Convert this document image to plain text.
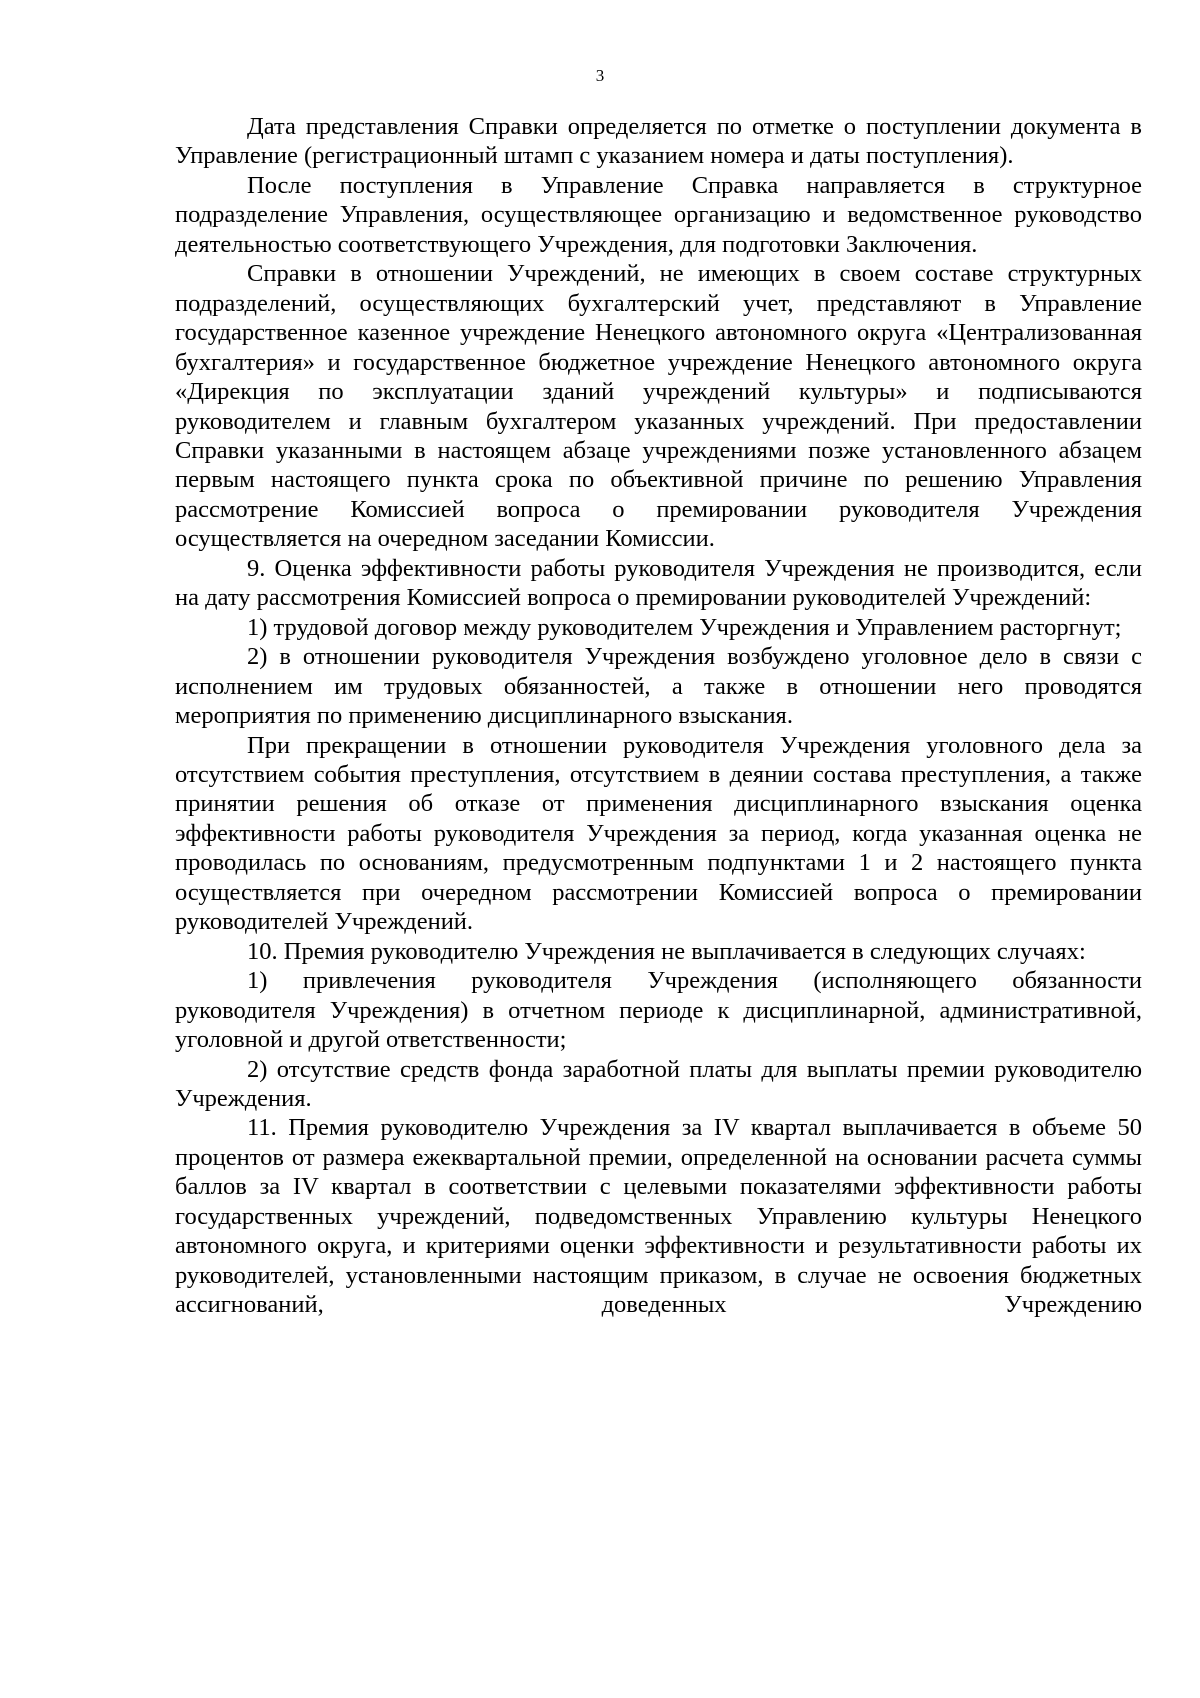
3

Дата представления Справки определяется по отметке о поступлении документа в Управление (регистрационный штамп с указанием номера и даты поступления).

После поступления в Управление Справка направляется в структурное подразделение Управления, осуществляющее организацию и ведомственное руководство деятельностью соответствующего Учреждения, для подготовки Заключения.

Справки в отношении Учреждений, не имеющих в своем составе структурных подразделений, осуществляющих бухгалтерский учет, представляют в Управление государственное казенное учреждение Ненецкого автономного округа «Централизованная бухгалтерия» и государственное бюджетное учреждение Ненецкого автономного округа «Дирекция по эксплуатации зданий учреждений культуры» и подписываются руководителем и главным бухгалтером указанных учреждений. При предоставлении Справки указанными в настоящем абзаце учреждениями позже установленного абзацем первым настоящего пункта срока по объективной причине по решению Управления рассмотрение Комиссией вопроса о премировании руководителя Учреждения осуществляется на очередном заседании Комиссии.

9. Оценка эффективности работы руководителя Учреждения не производится, если на дату рассмотрения Комиссией вопроса о премировании руководителей Учреждений:

1) трудовой договор между руководителем Учреждения и Управлением расторгнут;

2) в отношении руководителя Учреждения возбуждено уголовное дело в связи с исполнением им трудовых обязанностей, а также в отношении него проводятся мероприятия по применению дисциплинарного взыскания.

При прекращении в отношении руководителя Учреждения уголовного дела за отсутствием события преступления, отсутствием в деянии состава преступления, а также принятии решения об отказе от применения дисциплинарного взыскания оценка эффективности работы руководителя Учреждения за период, когда указанная оценка не проводилась по основаниям, предусмотренным подпунктами 1 и 2 настоящего пункта осуществляется при очередном рассмотрении Комиссией вопроса о премировании руководителей Учреждений.

10. Премия руководителю Учреждения не выплачивается в следующих случаях:

1) привлечения руководителя Учреждения (исполняющего обязанности руководителя Учреждения) в отчетном периоде к дисциплинарной, административной, уголовной и другой ответственности;

2) отсутствие средств фонда заработной платы для выплаты премии руководителю Учреждения.

11. Премия руководителю Учреждения за IV квартал выплачивается в объеме 50 процентов от размера ежеквартальной премии, определенной на основании расчета суммы баллов за IV квартал в соответствии с целевыми показателями эффективности работы государственных учреждений, подведомственных Управлению культуры Ненецкого автономного округа, и критериями оценки эффективности и результативности работы их руководителей, установленными настоящим приказом, в случае не освоения бюджетных ассигнований, доведенных Учреждению
